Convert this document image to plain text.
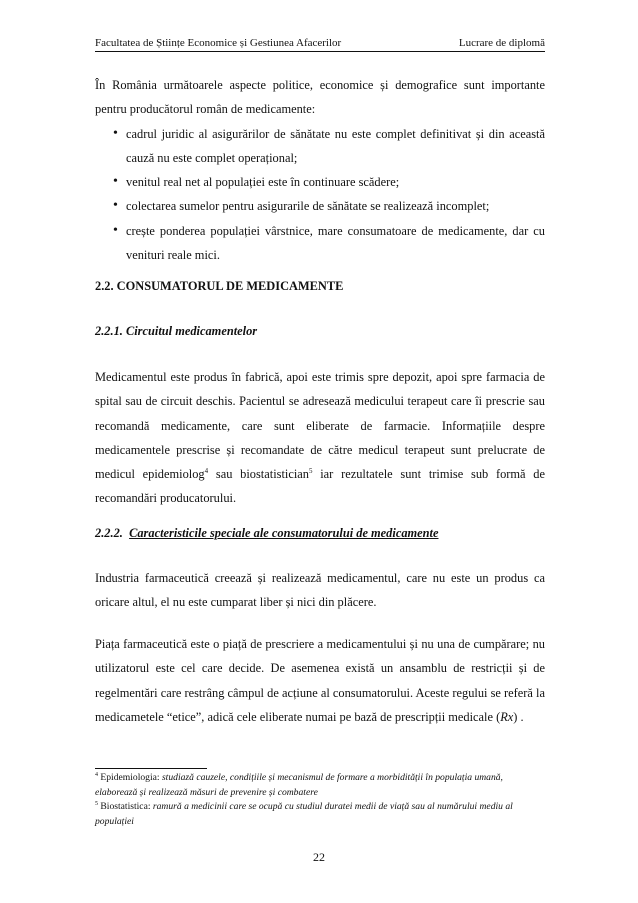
Facultatea de Științe Economice și Gestiunea Afacerilor	Lucrare de diplomă

În România următoarele aspecte politice, economice și demografice sunt importante pentru producătorul român de medicamente:

• cadrul juridic al asigurărilor de sănătate nu este complet definitivat și din această cauză nu este complet operațional;
• venitul real net al populației este în continuare scădere;
• colectarea sumelor pentru asigurarile de sănătate se realizează incomplet;
• crește ponderea populației vârstnice, mare consumatoare de medicamente, dar cu venituri reale mici.

2.2. CONSUMATORUL DE MEDICAMENTE

2.2.1. Circuitul medicamentelor

Medicamentul este produs în fabrică, apoi este trimis spre depozit, apoi spre farmacia de spital sau de circuit deschis. Pacientul se adresează medicului terapeut care îi prescrie sau recomandă medicamente, care sunt eliberate de farmacie. Informațiile despre medicamentele prescrise și recomandate de către medicul terapeut sunt prelucrate de medicul epidemiolog$^4$ sau biostatistician$^5$ iar rezultatele sunt trimise sub formă de recomandări producatorului.

2.2.2. Caracteristicile speciale ale consumatorului de medicamente

Industria farmaceutică creează și realizează medicamentul, care nu este un produs ca oricare altul, el nu este cumparat liber și nici din plăcere.

Piața farmaceutică este o piață de prescriere a medicamentului și nu una de cumpărare; nu utilizatorul este cel care decide. De asemenea există un ansamblu de restricții și de regelmentări care restrâng câmpul de acțiune al consumatorului. Aceste regului se referă la medicametele “etice”, adică cele eliberate numai pe bază de prescripții medicale (Rx) .

$^4$ Epidemiologia: studiază cauzele, condițiile și mecanismul de formare a morbidității în populația umană, elaborează și realizează măsuri de prevenire și combatere

$^5$ Biostatistica: ramură a medicinii care se ocupă cu studiul duratei medii de viață sau al numărului mediu al populației

22
